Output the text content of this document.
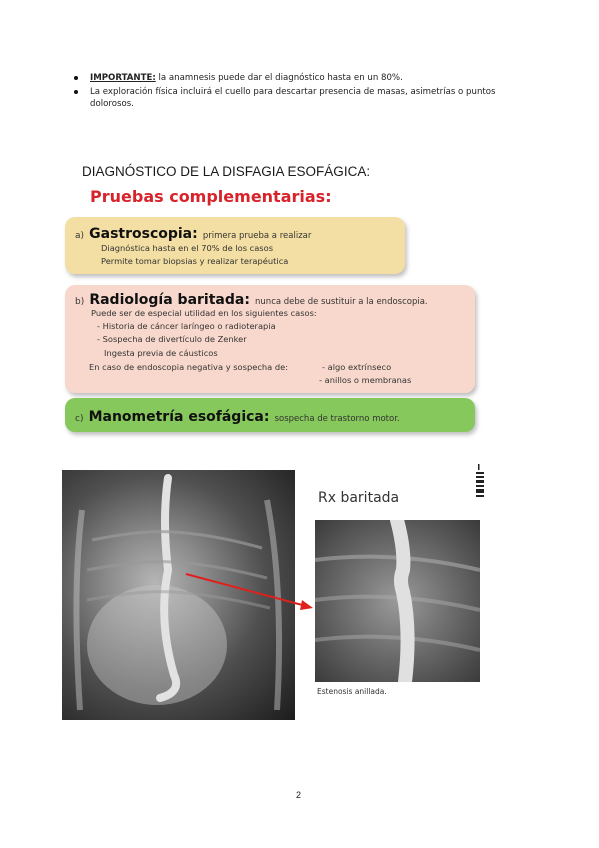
IMPORTANTE: la anamnesis puede dar el diagnóstico hasta en un 80%.
La exploración física incluirá el cuello para descartar presencia de masas, asimetrías o puntos dolorosos.
DIAGNÓSTICO DE LA DISFAGIA ESOFÁGICA:
Pruebas complementarias:
a) Gastroscopia: primera prueba a realizar
Diagnóstica hasta en el 70% de los casos
Permite tomar biopsias y realizar terapéutica
b) Radiología baritada: nunca debe de sustituir a la endoscopia.
Puede ser de especial utilidad en los siguientes casos:
- Historia de cáncer laríngeo o radioterapia
- Sospecha de divertículo de Zenker
Ingesta previa de cáusticos
En caso de endoscopia negativa y sospecha de:	- algo extrínseco
- anillos o membranas
c) Manometría esofágica: sospecha de trastorno motor.
Rx baritada
Estenosis anillada.
2
